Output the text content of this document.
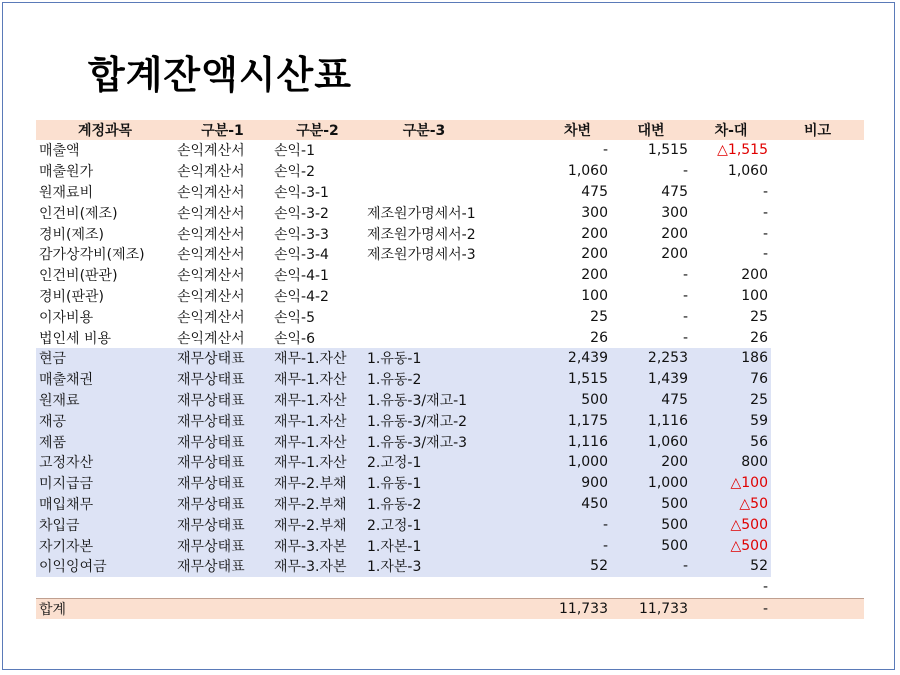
합계잔액시산표
계정과목	구분-1	구분-2	구분-3	차변	대변	차-대	비고
매출액	손익계산서	손익-1		-	1,515	△1,515	
매출원가	손익계산서	손익-2		1,060	-	1,060	
원재료비	손익계산서	손익-3-1		475	475	-	
인건비(제조)	손익계산서	손익-3-2	제조원가명세서-1	300	300	-	
경비(제조)	손익계산서	손익-3-3	제조원가명세서-2	200	200	-	
감가상각비(제조)	손익계산서	손익-3-4	제조원가명세서-3	200	200	-	
인건비(판관)	손익계산서	손익-4-1		200	-	200	
경비(판관)	손익계산서	손익-4-2		100	-	100	
이자비용	손익계산서	손익-5		25	-	25	
법인세 비용	손익계산서	손익-6		26	-	26	
현금	재무상태표	재무-1.자산	1.유동-1	2,439	2,253	186	
매출채권	재무상태표	재무-1.자산	1.유동-2	1,515	1,439	76	
원재료	재무상태표	재무-1.자산	1.유동-3/재고-1	500	475	25	
재공	재무상태표	재무-1.자산	1.유동-3/재고-2	1,175	1,116	59	
제품	재무상태표	재무-1.자산	1.유동-3/재고-3	1,116	1,060	56	
고정자산	재무상태표	재무-1.자산	2.고정-1	1,000	200	800	
미지급금	재무상태표	재무-2.부채	1.유동-1	900	1,000	△100	
매입채무	재무상태표	재무-2.부채	1.유동-2	450	500	△50	
차입금	재무상태표	재무-2.부채	2.고정-1	-	500	△500	
자기자본	재무상태표	재무-3.자본	1.자본-1	-	500	△500	
이익잉여금	재무상태표	재무-3.자본	1.자본-3	52	-	52	
						-	
합계				11,733	11,733	-	
